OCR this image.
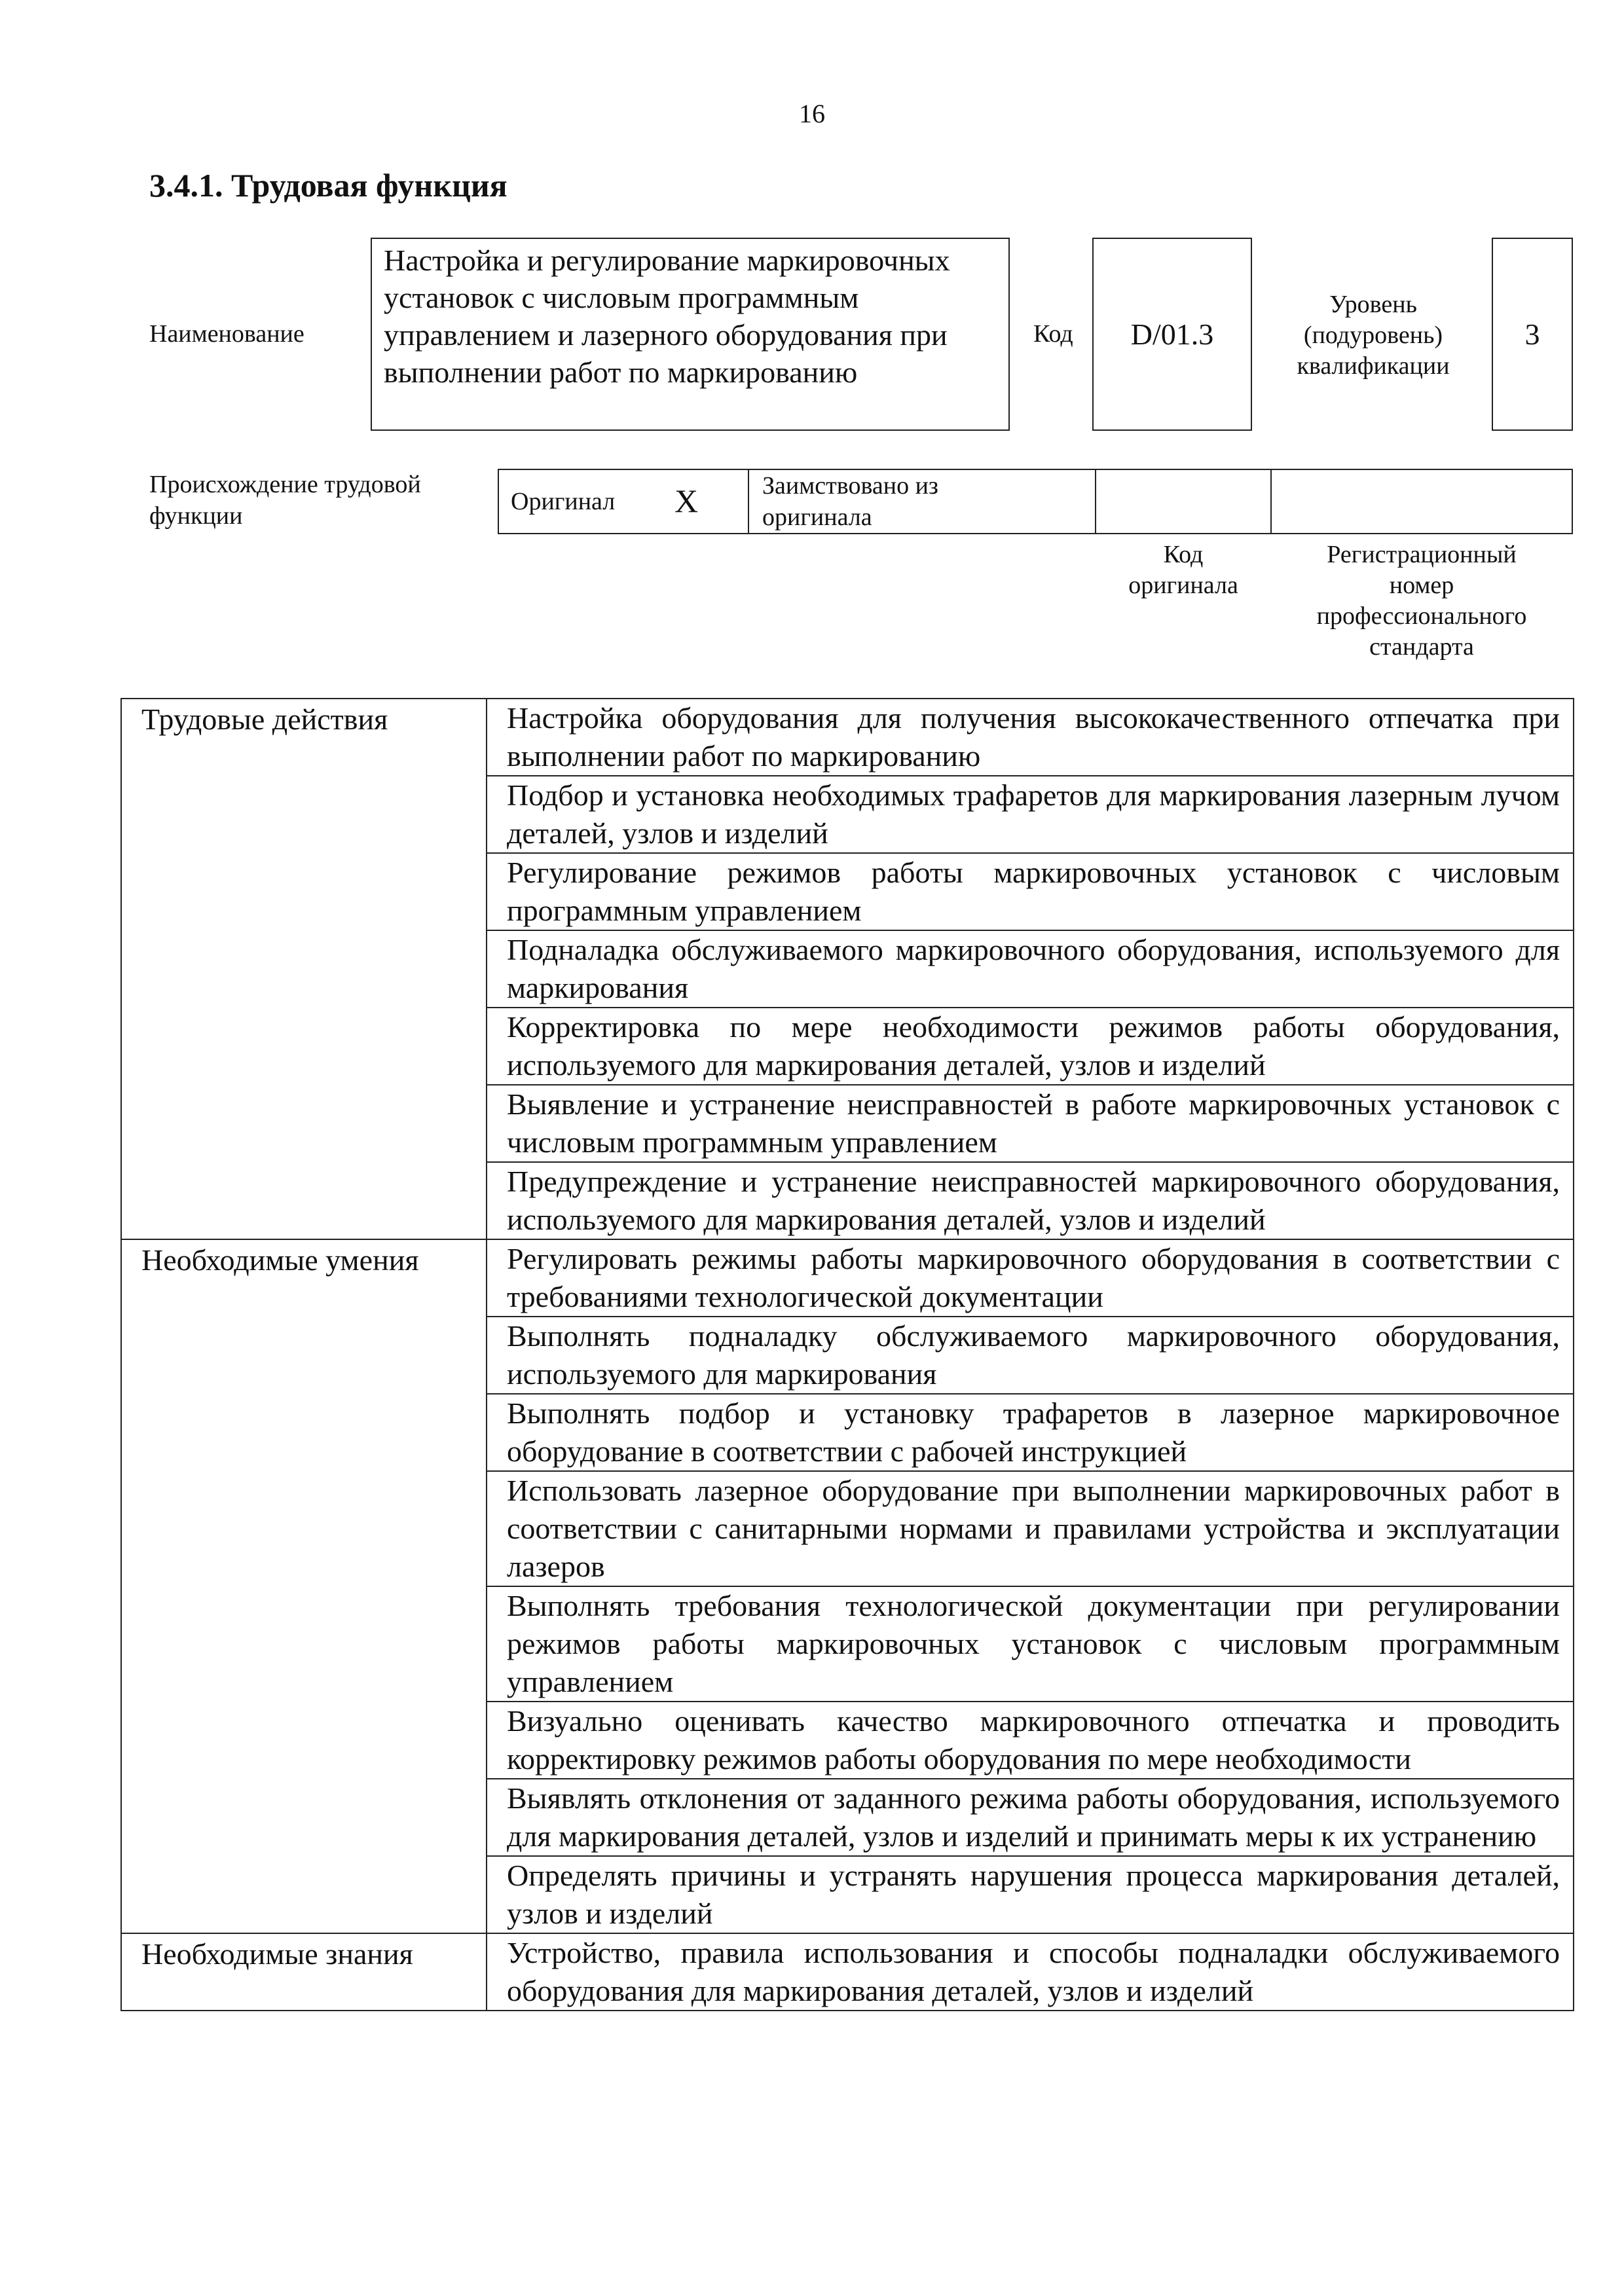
16
3.4.1. Трудовая функция
Наименование
Настройка и регулирование маркировочных установок с числовым программным управлением и лазерного оборудования при выполнении работ по маркированию
Код D/01.3
Уровень
(подуровень)
квалификации
3
Происхождение трудовой
функции
Оригинал X	Заимствовано из
оригинала
Код
оригинала
Регистрационный
номер
профессионального
стандарта
Трудовые действия	Настройка оборудования для получения высококачественного отпечатка при выполнении работ по маркированию
	Подбор и установка необходимых трафаретов для маркирования лазерным лучом деталей, узлов и изделий
	Регулирование режимов работы маркировочных установок с числовым программным управлением
	Подналадка обслуживаемого маркировочного оборудования, используемого для маркирования
	Корректировка по мере необходимости режимов работы оборудования, используемого для маркирования деталей, узлов и изделий
	Выявление и устранение неисправностей в работе маркировочных установок с числовым программным управлением
	Предупреждение и устранение неисправностей маркировочного оборудования, используемого для маркирования деталей, узлов и изделий
Необходимые умения	Регулировать режимы работы маркировочного оборудования в соответствии с требованиями технологической документации
	Выполнять подналадку обслуживаемого маркировочного оборудования, используемого для маркирования
	Выполнять подбор и установку трафаретов в лазерное маркировочное оборудование в соответствии с рабочей инструкцией
	Использовать лазерное оборудование при выполнении маркировочных работ в соответствии с санитарными нормами и правилами устройства и эксплуатации лазеров
	Выполнять требования технологической документации при регулировании режимов работы маркировочных установок с числовым программным управлением
	Визуально оценивать качество маркировочного отпечатка и проводить корректировку режимов работы оборудования по мере необходимости
	Выявлять отклонения от заданного режима работы оборудования, используемого для маркирования деталей, узлов и изделий и принимать меры к их устранению
	Определять причины и устранять нарушения процесса маркирования деталей, узлов и изделий
Необходимые знания	Устройство, правила использования и способы подналадки обслуживаемого оборудования для маркирования деталей, узлов и изделий
